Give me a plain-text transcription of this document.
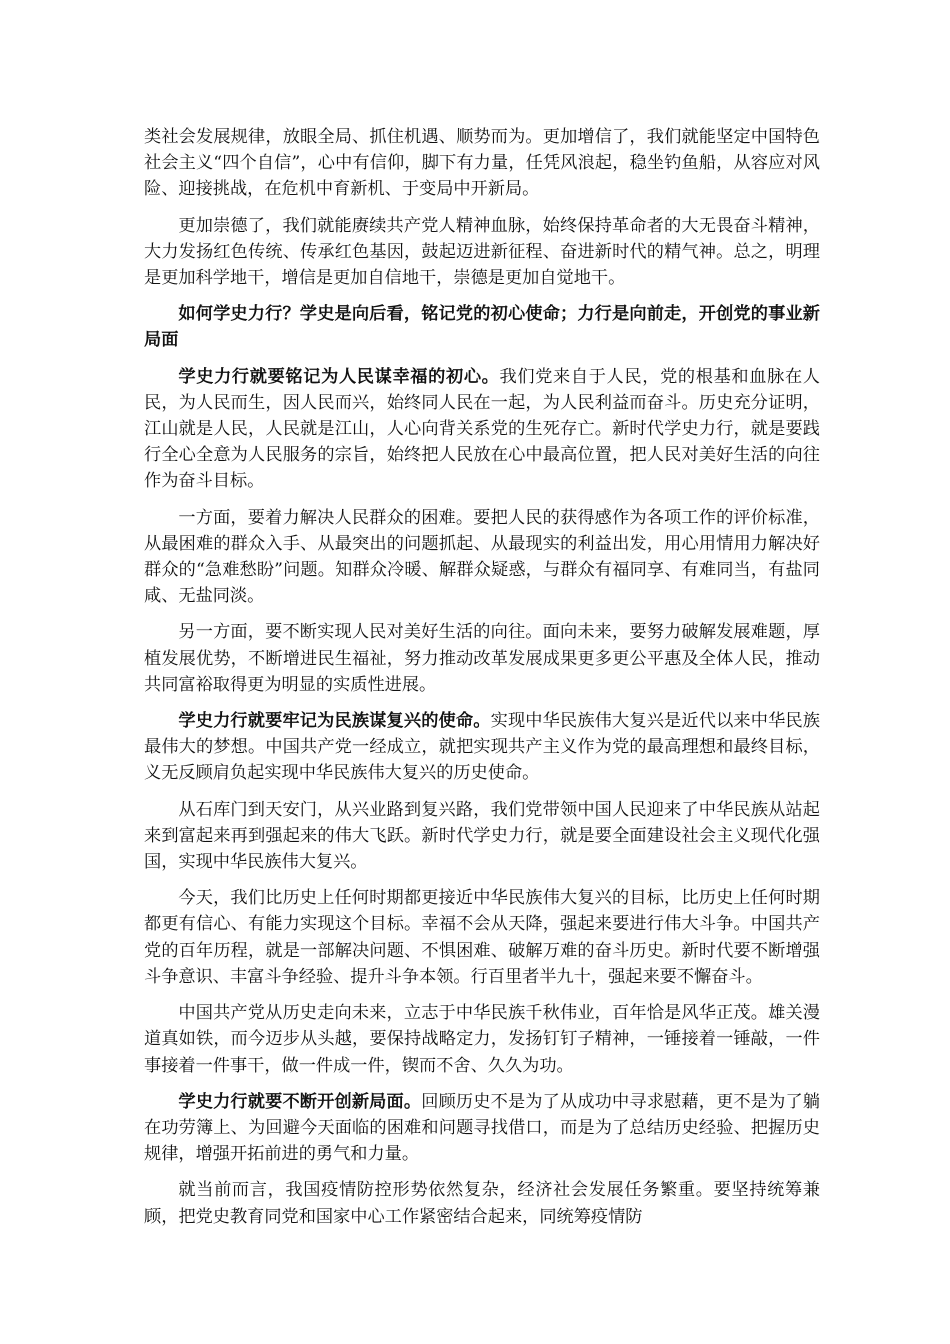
类社会发展规律，放眼全局、抓住机遇、顺势而为。更加增信了，我们就能坚定中国特色社会主义“四个自信”，心中有信仰，脚下有力量，任凭风浪起，稳坐钓鱼船，从容应对风险、迎接挑战，在危机中育新机、于变局中开新局。

更加崇德了，我们就能赓续共产党人精神血脉，始终保持革命者的大无畏奋斗精神，大力发扬红色传统、传承红色基因，鼓起迈进新征程、奋进新时代的精气神。总之，明理是更加科学地干，增信是更加自信地干，崇德是更加自觉地干。

如何学史力行？学史是向后看，铭记党的初心使命；力行是向前走，开创党的事业新局面

学史力行就要铭记为人民谋幸福的初心。我们党来自于人民，党的根基和血脉在人民，为人民而生，因人民而兴，始终同人民在一起，为人民利益而奋斗。历史充分证明，江山就是人民，人民就是江山，人心向背关系党的生死存亡。新时代学史力行，就是要践行全心全意为人民服务的宗旨，始终把人民放在心中最高位置，把人民对美好生活的向往作为奋斗目标。

一方面，要着力解决人民群众的困难。要把人民的获得感作为各项工作的评价标准，从最困难的群众入手、从最突出的问题抓起、从最现实的利益出发，用心用情用力解决好群众的“急难愁盼”问题。知群众冷暖、解群众疑惑，与群众有福同享、有难同当，有盐同咸、无盐同淡。

另一方面，要不断实现人民对美好生活的向往。面向未来，要努力破解发展难题，厚植发展优势，不断增进民生福祉，努力推动改革发展成果更多更公平惠及全体人民，推动共同富裕取得更为明显的实质性进展。

学史力行就要牢记为民族谋复兴的使命。实现中华民族伟大复兴是近代以来中华民族最伟大的梦想。中国共产党一经成立，就把实现共产主义作为党的最高理想和最终目标，义无反顾肩负起实现中华民族伟大复兴的历史使命。

从石库门到天安门，从兴业路到复兴路，我们党带领中国人民迎来了中华民族从站起来到富起来再到强起来的伟大飞跃。新时代学史力行，就是要全面建设社会主义现代化强国，实现中华民族伟大复兴。

今天，我们比历史上任何时期都更接近中华民族伟大复兴的目标，比历史上任何时期都更有信心、有能力实现这个目标。幸福不会从天降，强起来要进行伟大斗争。中国共产党的百年历程，就是一部解决问题、不惧困难、破解万难的奋斗历史。新时代要不断增强斗争意识、丰富斗争经验、提升斗争本领。行百里者半九十，强起来要不懈奋斗。

中国共产党从历史走向未来，立志于中华民族千秋伟业，百年恰是风华正茂。雄关漫道真如铁，而今迈步从头越，要保持战略定力，发扬钉钉子精神，一锤接着一锤敲，一件事接着一件事干，做一件成一件，锲而不舍、久久为功。

学史力行就要不断开创新局面。回顾历史不是为了从成功中寻求慰藉，更不是为了躺在功劳簿上、为回避今天面临的困难和问题寻找借口，而是为了总结历史经验、把握历史规律，增强开拓前进的勇气和力量。

就当前而言，我国疫情防控形势依然复杂，经济社会发展任务繁重。要坚持统筹兼顾，把党史教育同党和国家中心工作紧密结合起来，同统筹疫情防
